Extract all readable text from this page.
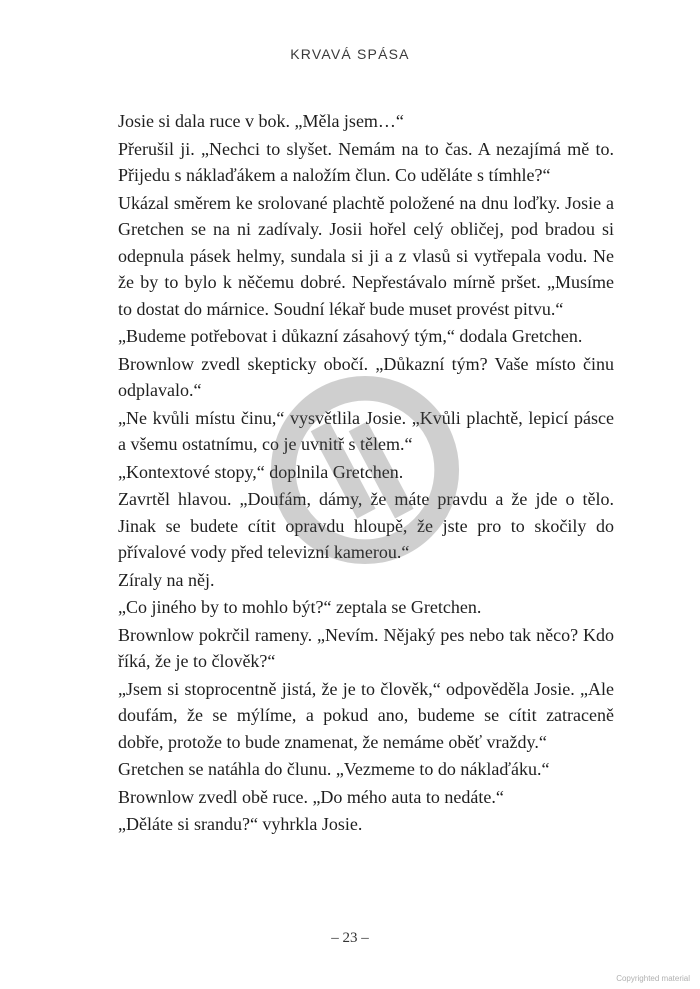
KRVAVÁ SPÁSA

Josie si dala ruce v bok. „Měla jsem…“

Přerušil ji. „Nechci to slyšet. Nemám na to čas. A nezajímá mě to. Přijedu s náklaďákem a naložím člun. Co uděláte s tímhle?“

Ukázal směrem ke srolované plachtě položené na dnu loďky. Josie a Gretchen se na ni zadívaly. Josii hořel celý obličej, pod bradou si odepnula pásek helmy, sundala si ji a z vlasů si vytřepala vodu. Ne že by to bylo k něčemu dobré. Nepřestávalo mírně pršet. „Musíme to dostat do márnice. Soudní lékař bude muset provést pitvu.“

„Budeme potřebovat i důkazní zásahový tým,“ dodala Gretchen.

Brownlow zvedl skepticky obočí. „Důkazní tým? Vaše místo činu odplavalo.“

„Ne kvůli místu činu,“ vysvětlila Josie. „Kvůli plachtě, lepicí pásce a všemu ostatnímu, co je uvnitř s tělem.“

„Kontextové stopy,“ doplnila Gretchen.

Zavrtěl hlavou. „Doufám, dámy, že máte pravdu a že jde o tělo. Jinak se budete cítit opravdu hloupě, že jste pro to skočily do přívalové vody před televizní kamerou.“

Zíraly na něj.

„Co jiného by to mohlo být?“ zeptala se Gretchen.

Brownlow pokrčil rameny. „Nevím. Nějaký pes nebo tak něco? Kdo říká, že je to člověk?“

„Jsem si stoprocentně jistá, že je to člověk,“ odpověděla Josie. „Ale doufám, že se mýlíme, a pokud ano, budeme se cítit zatraceně dobře, protože to bude znamenat, že nemáme oběť vraždy.“

Gretchen se natáhla do člunu. „Vezmeme to do náklaďáku.“

Brownlow zvedl obě ruce. „Do mého auta to nedáte.“

„Děláte si srandu?“ vyhrkla Josie.

– 23 –
Copyrighted material
